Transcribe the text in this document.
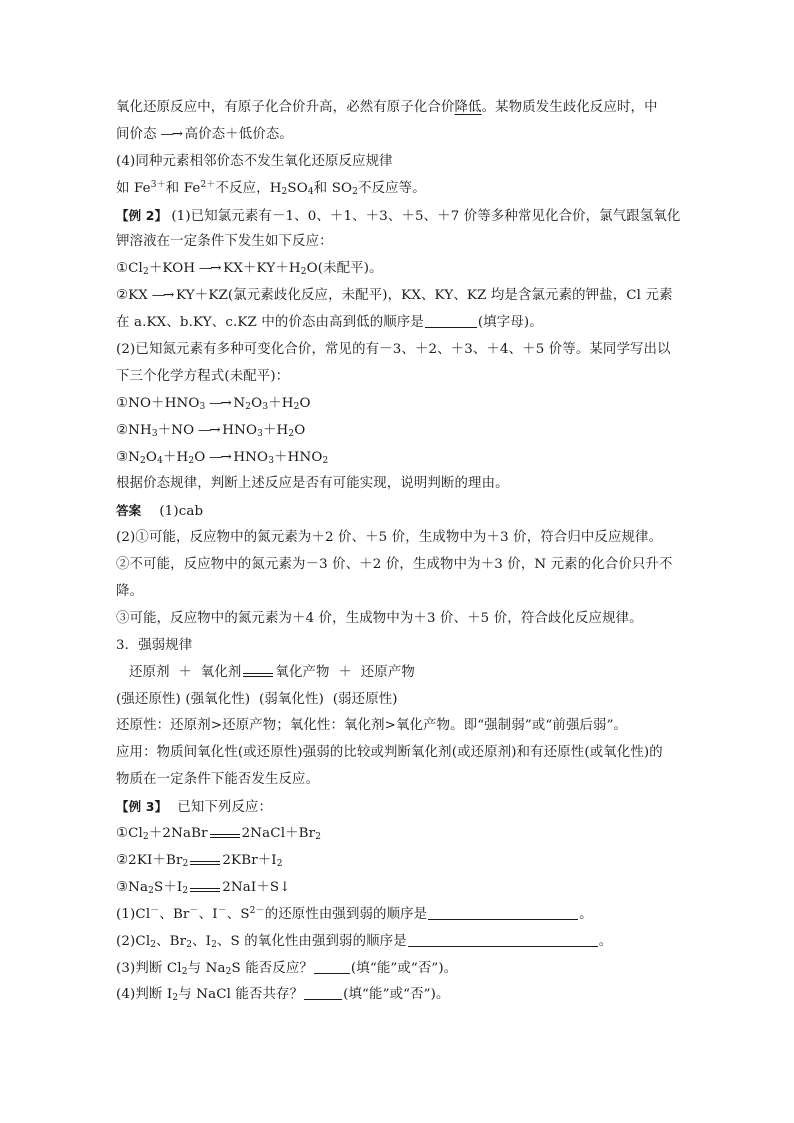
氧化还原反应中，有原子化合价升高，必然有原子化合价降低。某物质发生歧化反应时，中
间价态 —→ 高价态＋低价态。
(4)同种元素相邻价态不发生氧化还原反应规律
如 $Fe^{3+}$和 $Fe^{2+}$不反应，$H_2SO_4$和 $SO_2$不反应等。
【例 2】 (1)已知氯元素有－1、0、＋1、＋3、＋5、＋7 价等多种常见化合价，氯气跟氢氧化
钾溶液在一定条件下发生如下反应：
$①Cl_2+KOH$ —→ $KX+KY+H_2O$(未配平)。
②KX —→ KY＋KZ(氯元素歧化反应，未配平)，KX、KY、KZ 均是含氯元素的钾盐，Cl 元素
在 a.KX、b.KY、c.KZ 中的价态由高到低的顺序是	(填字母)。
(2)已知氮元素有多种可变化合价，常见的有－3、＋2、＋3、＋4、＋5 价等。某同学写出以
下三个化学方程式(未配平)：
$①NO+HNO_3$ —→ $N_2O_3+H_2O$
$②NH_3+NO$ —→ $HNO_3+H_2O$
$③N_2O_4+H_2O$ —→ $HNO_3+HNO_2$
根据价态规律，判断上述反应是否有可能实现，说明判断的理由。
答案 (1)cab
(2)①可能，反应物中的氮元素为＋2 价、＋5 价，生成物中为＋3 价，符合归中反应规律。
②不可能，反应物中的氮元素为－3 价、＋2 价，生成物中为＋3 价，N 元素的化合价只升不
降。
③可能，反应物中的氮元素为＋4 价，生成物中为＋3 价、＋5 价，符合歧化反应规律。
3．强弱规律
还原剂  ＋  氧化剂	氧化产物  ＋  还原产物
(强还原性) (强氧化性)  (弱氧化性)  (弱还原性)
还原性：还原剂>还原产物；氧化性：氧化剂>氧化产物。即“强制弱”或“前强后弱”。
应用：物质间氧化性(或还原性)强弱的比较或判断氧化剂(或还原剂)和有还原性(或氧化性)的
物质在一定条件下能否发生反应。
【例 3】 已知下列反应：
$①Cl_2+2NaBr$	$2NaCl+Br_2$
$②2KI+Br_2$	$2KBr+I_2$
$③Na_2S+I_2$	2NaI＋S↓
(1)Cl－、Br－、I－、$S^{2-}$的还原性由强到弱的顺序是	。
$(2)Cl_2$、$Br_2$、$I_2$、S 的氧化性由强到弱的顺序是	。
(3)判断 $Cl_2$与 $Na_2S$ 能否反应？	(填“能”或“否”)。
(4)判断 $I_2$与 NaCl 能否共存？	(填“能”或“否”)。
